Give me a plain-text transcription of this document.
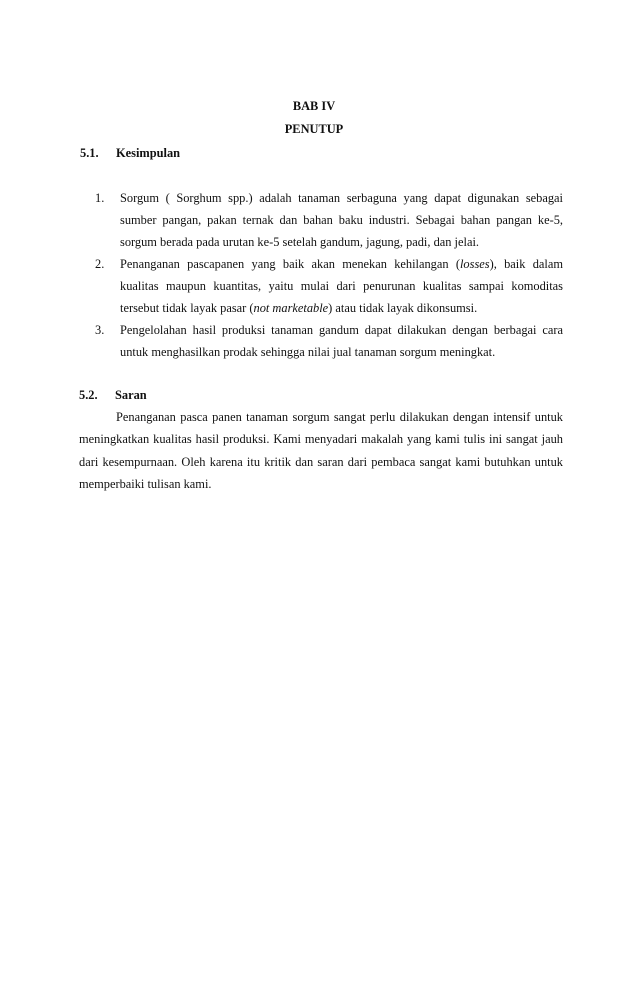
BAB IV
PENUTUP
5.1. Kesimpulan
1. Sorgum ( Sorghum spp.) adalah tanaman serbaguna yang dapat digunakan sebagai sumber pangan, pakan ternak dan bahan baku industri. Sebagai bahan pangan ke-5, sorgum berada pada urutan ke-5 setelah gandum, jagung, padi, dan jelai.
2. Penanganan pascapanen yang baik akan menekan kehilangan (losses), baik dalam kualitas maupun kuantitas, yaitu mulai dari penurunan kualitas sampai komoditas tersebut tidak layak pasar (not marketable) atau tidak layak dikonsumsi.
3. Pengelolahan hasil produksi tanaman gandum dapat dilakukan dengan berbagai cara untuk menghasilkan prodak sehingga nilai jual tanaman sorgum meningkat.
5.2. Saran

Penanganan pasca panen tanaman sorgum sangat perlu dilakukan dengan intensif untuk meningkatkan kualitas hasil produksi. Kami menyadari makalah yang kami tulis ini sangat jauh dari kesempurnaan. Oleh karena itu kritik dan saran dari pembaca sangat kami butuhkan untuk memperbaiki tulisan kami.
